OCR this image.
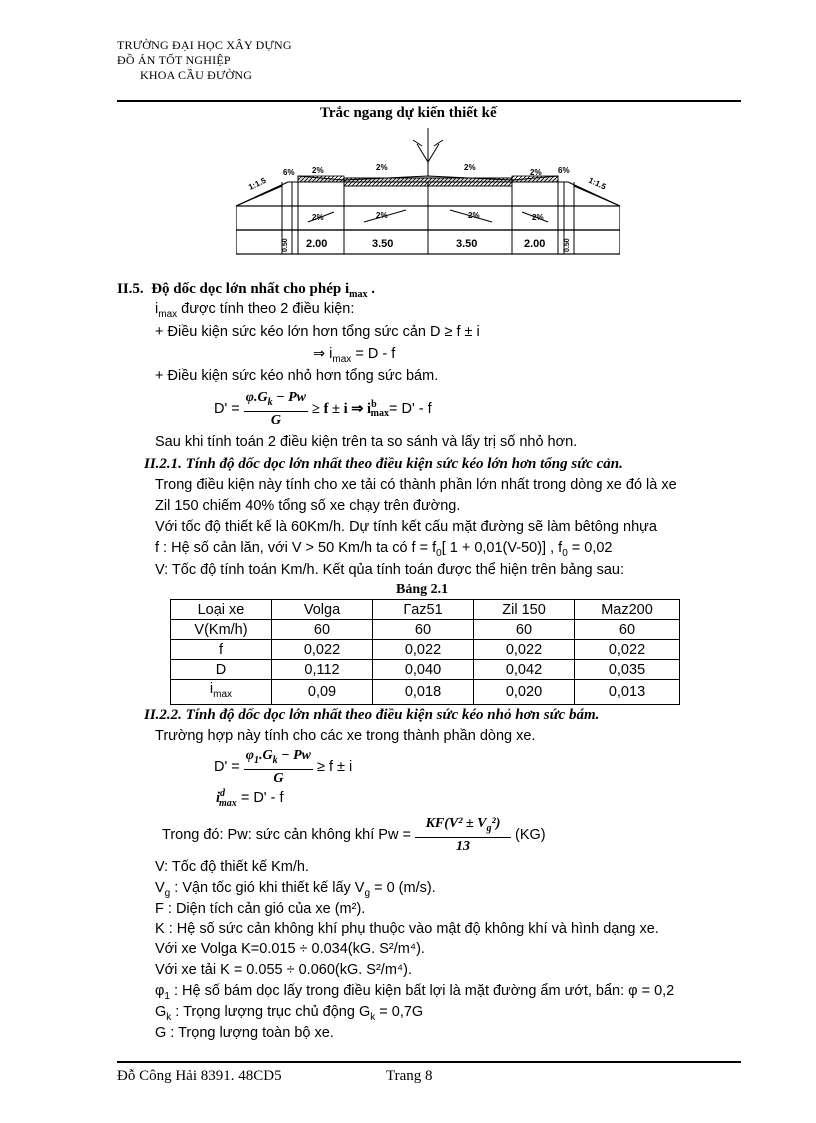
TRƯỜNG ĐẠI HỌC XÂY DỰNG
ĐỒ ÁN TỐT NGHIỆP
KHOA CẦU ĐƯỜNG
Trắc ngang dự kiến thiết kế
6% 2%	2%	2%
2% 6%
2%	2%	2%	2%
1:1.5	1:1.5
0.50	0.50
2.00	3.50	3.50	2.00
II.5. Độ dốc dọc lớn nhất cho phép $i_{max}$ .
$i_{max}$ được tính theo 2 điều kiện:
+ Điều kiện sức kéo lớn hơn tổng sức cản D ≥ f ± i
⇒ $i_{max} = D - f$
+ Điều kiện sức kéo nhỏ hơn tổng sức bám.
D' =
$\frac{\varphi.G_k - Pw}{G}$
≥ f ± i ⇒ $i^b_{max} = D' - f$
Sau khi tính toán 2 điều kiện trên ta so sánh và lấy trị số nhỏ hơn.
II.2.1. Tính độ dốc dọc lớn nhất theo điều kiện sức kéo lớn hơn tổng sức cản.
Trong điều kiện này tính cho xe tải có thành phần lớn nhất trong dòng xe đó là xe
Zil 150 chiếm 40% tổng số xe chạy trên đường.
Với tốc độ thiết kế là 60Km/h. Dự tính kết cấu mặt đường sẽ làm bêtông nhựa
f : Hệ số cản lăn, với V > 50 Km/h ta có $f = f_0$[ 1 + 0,01(V-50)] , $f_0 = 0,02$
V: Tốc độ tính toán Km/h. Kết qủa tính toán được thể hiện trên bảng sau:
Bảng 2.1
Loại xe	Volga	Гaz51	Zil 150	Maz200
V(Km/h)	60	60	60	60
f	0,022	0,022	0,022	0,022
D	0,112	0,040	0,042	0,035
$i_{max}$	0,09	0,018	0,020	0,013
II.2.2. Tính độ dốc dọc lớn nhất theo điều kiện sức kéo nhỏ hơn sức bám.
Trường hợp này tính cho các xe trong thành phần dòng xe.
D' =
$\frac{\varphi_1.G_k - Pw}{G}$
≥ f ± i
$i^d_{max} = D' - f$
Trong đó: Pw: sức cản không khí Pw =
$\frac{KF(V^2 \pm V_g^2)}{13}$
(KG)
V: Tốc độ thiết kế Km/h.
$V_g$ : Vận tốc gió khi thiết kế lấy $V_g = 0$ (m/s).
F : Diện tích cản gió của xe (m²).
K : Hệ số sức cản không khí phụ thuộc vào mật độ không khí và hình dạng xe.
Với xe Volga K=0.015 ÷ 0.034(kG. S²/m⁴).
Với xe tải K = 0.055 ÷ 0.060(kG. S²/m⁴).
$\varphi_1$ : Hệ số bám dọc lấy trong điều kiện bất lợi là mặt đường ẩm ướt, bẩn: φ = 0,2
$G_k$ : Trọng lượng trục chủ động $G_k = 0,7G$
G : Trọng lượng toàn bộ xe.
Đỗ Công Hải 8391. 48CD5	Trang 8
